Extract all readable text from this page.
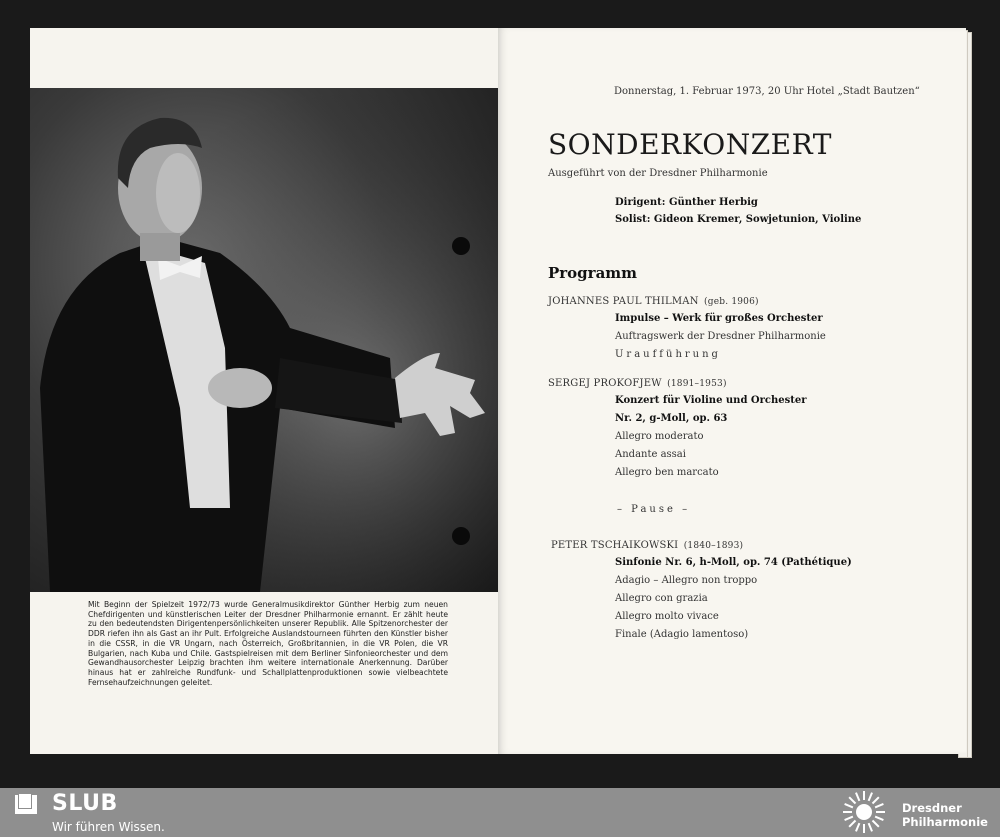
Mit Beginn der Spielzeit 1972/73 wurde Generalmusikdirektor Günther Herbig zum neuen Chefdirigenten und künstlerischen Leiter der Dresdner Philharmonie ernannt. Er zählt heute zu den bedeutendsten Dirigentenpersönlichkeiten unserer Republik. Alle Spitzenorchester der DDR riefen ihn als Gast an ihr Pult. Erfolgreiche Auslandstourneen führten den Künstler bisher in die CSSR, in die VR Ungarn, nach Österreich, Großbritannien, in die VR Polen, die VR Bulgarien, nach Kuba und Chile. Gastspielreisen mit dem Berliner Sinfonieorchester und dem Gewandhausorchester Leipzig brachten ihm weitere internationale Anerkennung. Darüber hinaus hat er zahlreiche Rundfunk- und Schallplattenproduktionen sowie vielbeachtete Fernsehaufzeichnungen geleitet.

Donnerstag, 1. Februar 1973, 20 Uhr Hotel „Stadt Bautzen“
SONDERKONZERT
Ausgeführt von der Dresdner Philharmonie
Dirigent: Günther Herbig
Solist: Gideon Kremer, Sowjetunion, Violine
Programm
JOHANNES PAUL THILMAN (geb. 1906)
Impulse – Werk für großes Orchester
Auftragswerk der Dresdner Philharmonie
Uraufführung
SERGEJ PROKOFJEW (1891–1953)
Konzert für Violine und Orchester
Nr. 2, g-Moll, op. 63
Allegro moderato
Andante assai
Allegro ben marcato
– Pause –
PETER TSCHAIKOWSKI (1840–1893)
Sinfonie Nr. 6, h-Moll, op. 74 (Pathétique)
Adagio – Allegro non troppo
Allegro con grazia
Allegro molto vivace
Finale (Adagio lamentoso)
SLUB
Wir führen Wissen.
Dresdner
Philharmonie
